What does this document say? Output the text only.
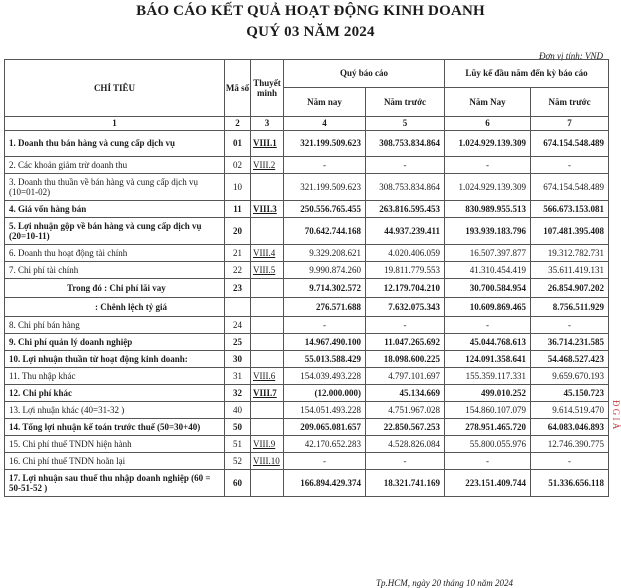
BÁO CÁO KẾT QUẢ HOẠT ĐỘNG KINH DOANH
QUÝ 03 NĂM 2024
Đơn vị tính: VND
CHỈ TIÊU	Mã số	Thuyết minh	Quý báo cáo		Lũy kế đầu năm đến kỳ báo cáo	
			Năm nay	Năm trước	Năm Nay	Năm trước
1	2	3	4	5	6	7
1. Doanh thu bán hàng và cung cấp dịch vụ	01	VIII.1	321.199.509.623	308.753.834.864	1.024.929.139.309	674.154.548.489
2. Các khoản giảm trừ doanh thu	02	VIII.2	-	-	-	-
3. Doanh thu thuần về bán hàng và cung cấp dịch vụ (10=01-02)	10		321.199.509.623	308.753.834.864	1.024.929.139.309	674.154.548.489
4. Giá vốn hàng bán	11	VIII.3	250.556.765.455	263.816.595.453	830.989.955.513	566.673.153.081
5. Lợi nhuận gộp về bán hàng và cung cấp dịch vụ (20=10-11)	20		70.642.744.168	44.937.239.411	193.939.183.796	107.481.395.408
6. Doanh thu hoạt động tài chính	21	VIII.4	9.329.208.621	4.020.406.059	16.507.397.877	19.312.782.731
7. Chi phí tài chính	22	VIII.5	9.990.874.260	19.811.779.553	41.310.454.419	35.611.419.131
Trong đó : Chi phí lãi vay	23		9.714.302.572	12.179.704.210	30.700.584.954	26.854.907.202
: Chênh lệch tỷ giá			276.571.688	7.632.075.343	10.609.869.465	8.756.511.929
8. Chi phí bán hàng	24		-	-	-	-
9. Chi phí quản lý doanh nghiệp	25		14.967.490.100	11.047.265.692	45.044.768.613	36.714.231.585
10. Lợi nhuận thuần từ hoạt động kinh doanh:	30		55.013.588.429	18.098.600.225	124.091.358.641	54.468.527.423
11. Thu nhập khác	31	VIII.6	154.039.493.228	4.797.101.697	155.359.117.331	9.659.670.193
12. Chi phí khác	32	VIII.7	(12.000.000)	45.134.669	499.010.252	45.150.723
13. Lợi nhuận khác (40=31-32 )	40		154.051.493.228	4.751.967.028	154.860.107.079	9.614.519.470
14. Tổng lợi nhuận kế toán trước thuế (50=30+40)	50		209.065.081.657	22.850.567.253	278.951.465.720	64.083.046.893
15. Chi phí thuế TNDN hiện hành	51	VIII.9	42.170.652.283	4.528.826.084	55.800.055.976	12.746.390.775
16. Chi phí thuế TNDN hoãn lại	52	VIII.10	-	-	-	-
17. Lợi nhuận sau thuế thu nhập doanh nghiệp (60 = 50-51-52 )	60		166.894.429.374	18.321.741.169	223.151.409.744	51.336.656.118
Tp.HCM, ngày 20 tháng 10 năm 2024
Đ G I À
